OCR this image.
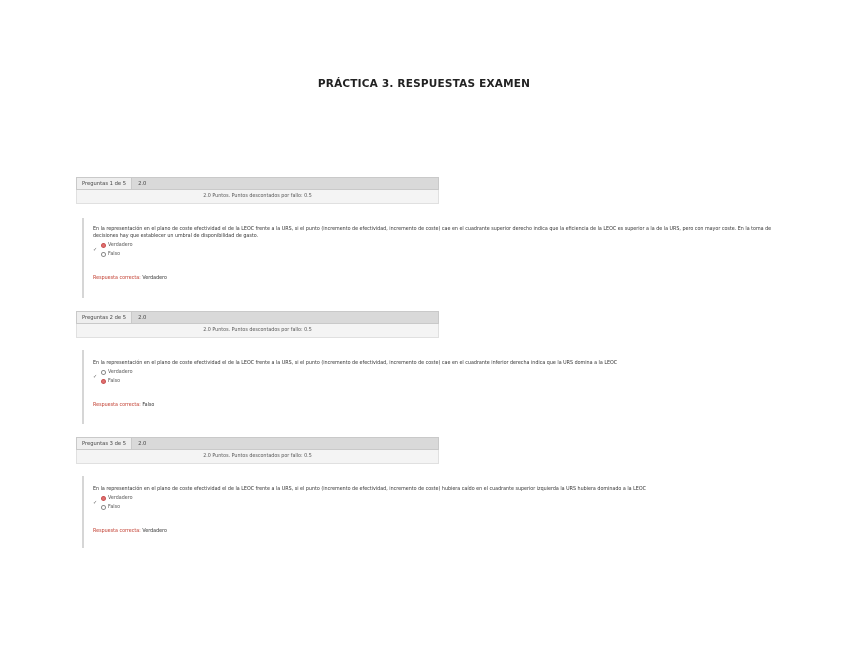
PRÁCTICA 3. RESPUESTAS EXAMEN
Preguntas 1 de 5	2.0
2.0 Puntos. Puntos descontados por fallo: 0.5

En la representación en el plano de coste efectividad el de la LEOC frente a la URS, si el punto (incremento de efectividad, incremento de coste) cae en el cuadrante superior derecho indica que la eficiencia de la LEOC es superior a la de la URS, pero con mayor coste. En la toma de decisiones hay que establecer un umbral de disponibilidad de gasto.

✓
Verdadero
Falso
Respuesta correcta: Verdadero
Preguntas 2 de 5	2.0
2.0 Puntos. Puntos descontados por fallo: 0.5

En la representación en el plano de coste efectividad el de la LEOC frente a la URS, si el punto (incremento de efectividad, incremento de coste) cae en el cuadrante inferior derecha indica que la URS domina a la LEOC

✓
Verdadero
Falso
Respuesta correcta: Falso
Preguntas 3 de 5	2.0
2.0 Puntos. Puntos descontados por fallo: 0.5

En la representación en el plano de coste efectividad el de la LEOC frente a la URS, si el punto (incremento de efectividad, incremento de coste) hubiera caído en el cuadrante superior izquierda la URS hubiera dominado a la LEOC

✓
Verdadero
Falso
Respuesta correcta: Verdadero
